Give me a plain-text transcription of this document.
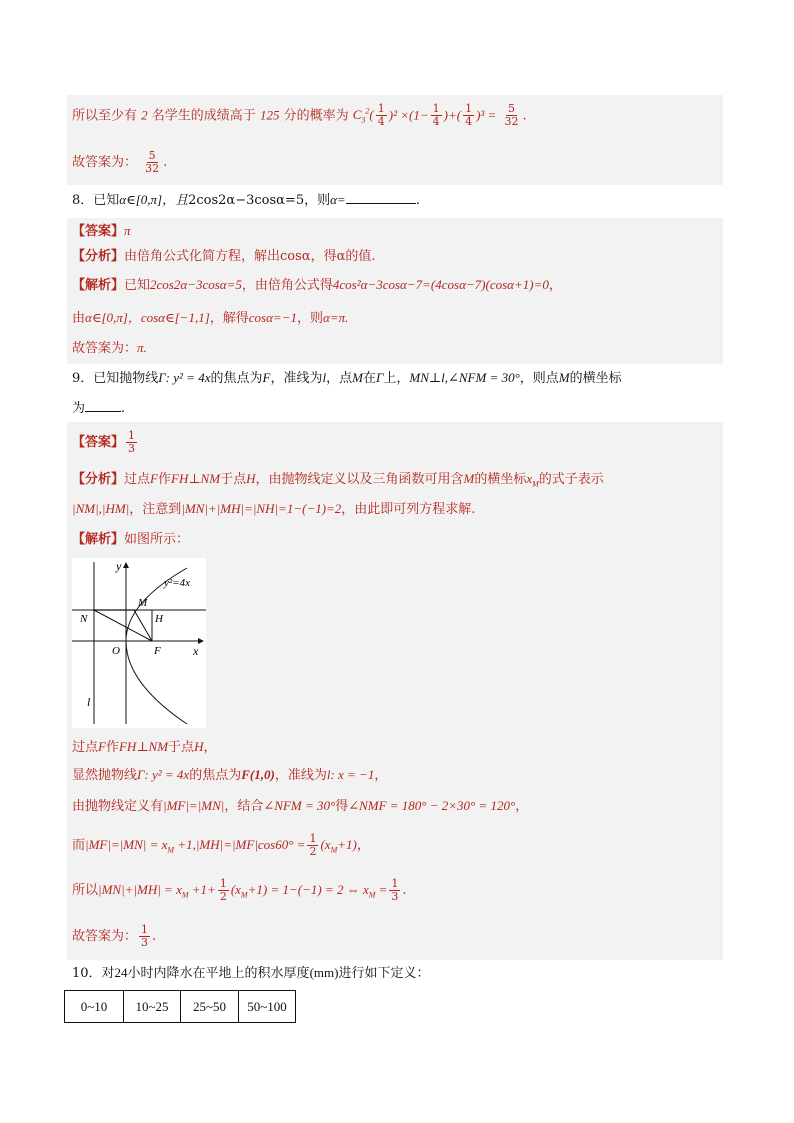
所以至少有 2 名学生的成绩高于 125 分的概率为 $C_3^2( \frac{1}{4} )^2 \times(1- \frac{1}{4}$ )+( $\frac{1}{4} )^3 = \frac{5}{32}$ .
故答案为： $\frac{5}{32}$ .
8．已知α∈[0,π]，且2cos2α−3cosα=5，则α=	.
【答案】π
【分析】由倍角公式化简方程，解出cosα，得α的值.
【解析】已知2cos2α−3cosα=5，由倍角公式得4cos²α−3cosα−7=(4cosα−7)(cosα+1)=0，
由α∈[0,π]，cosα∈[−1,1]，解得cosα=−1，则α=π.
故答案为：π.
9．已知抛物线Γ: y² = 4x的焦点为F，准线为l，点M在Γ上，MN⊥l,∠NFM = 30°，则点M的横坐标
为	.
【答案】 $\frac{1}{3}$
【分析】过点F作FH⊥NM于点H，由抛物线定义以及三角函数可用含M的横坐标$x_M$的式子表示
|NM|,|HM|，注意到|MN|+|MH|=|NH|=1−(−1)=2，由此即可列方程求解.
【解析】如图所示：
y
x
y²=4x
M
N	H
O	F
l
过点F作FH⊥NM于点H，
显然抛物线Γ: y² = 4x的焦点为F(1,0)，准线为l: x = −1，
由抛物线定义有|MF|=|MN|，结合∠NFM = 30°得∠NMF = 180° − 2×30° = 120°，
而$|MF|=|MN| = x_M +1,|MH|=|MF|\cos 60^\circ = \frac{1}{2} (x_M+1)$，
所以$|MN|+|MH| = x_M +1+ \frac{1}{2} (x_M+1) = 1-(-1) = 2$ ⇔ $x_M = \frac{1}{3}$ .
故答案为： $\frac{1}{3}$ .
10．对24小时内降水在平地上的积水厚度(mm)进行如下定义：
0~10	10~25	25~50	50~100
